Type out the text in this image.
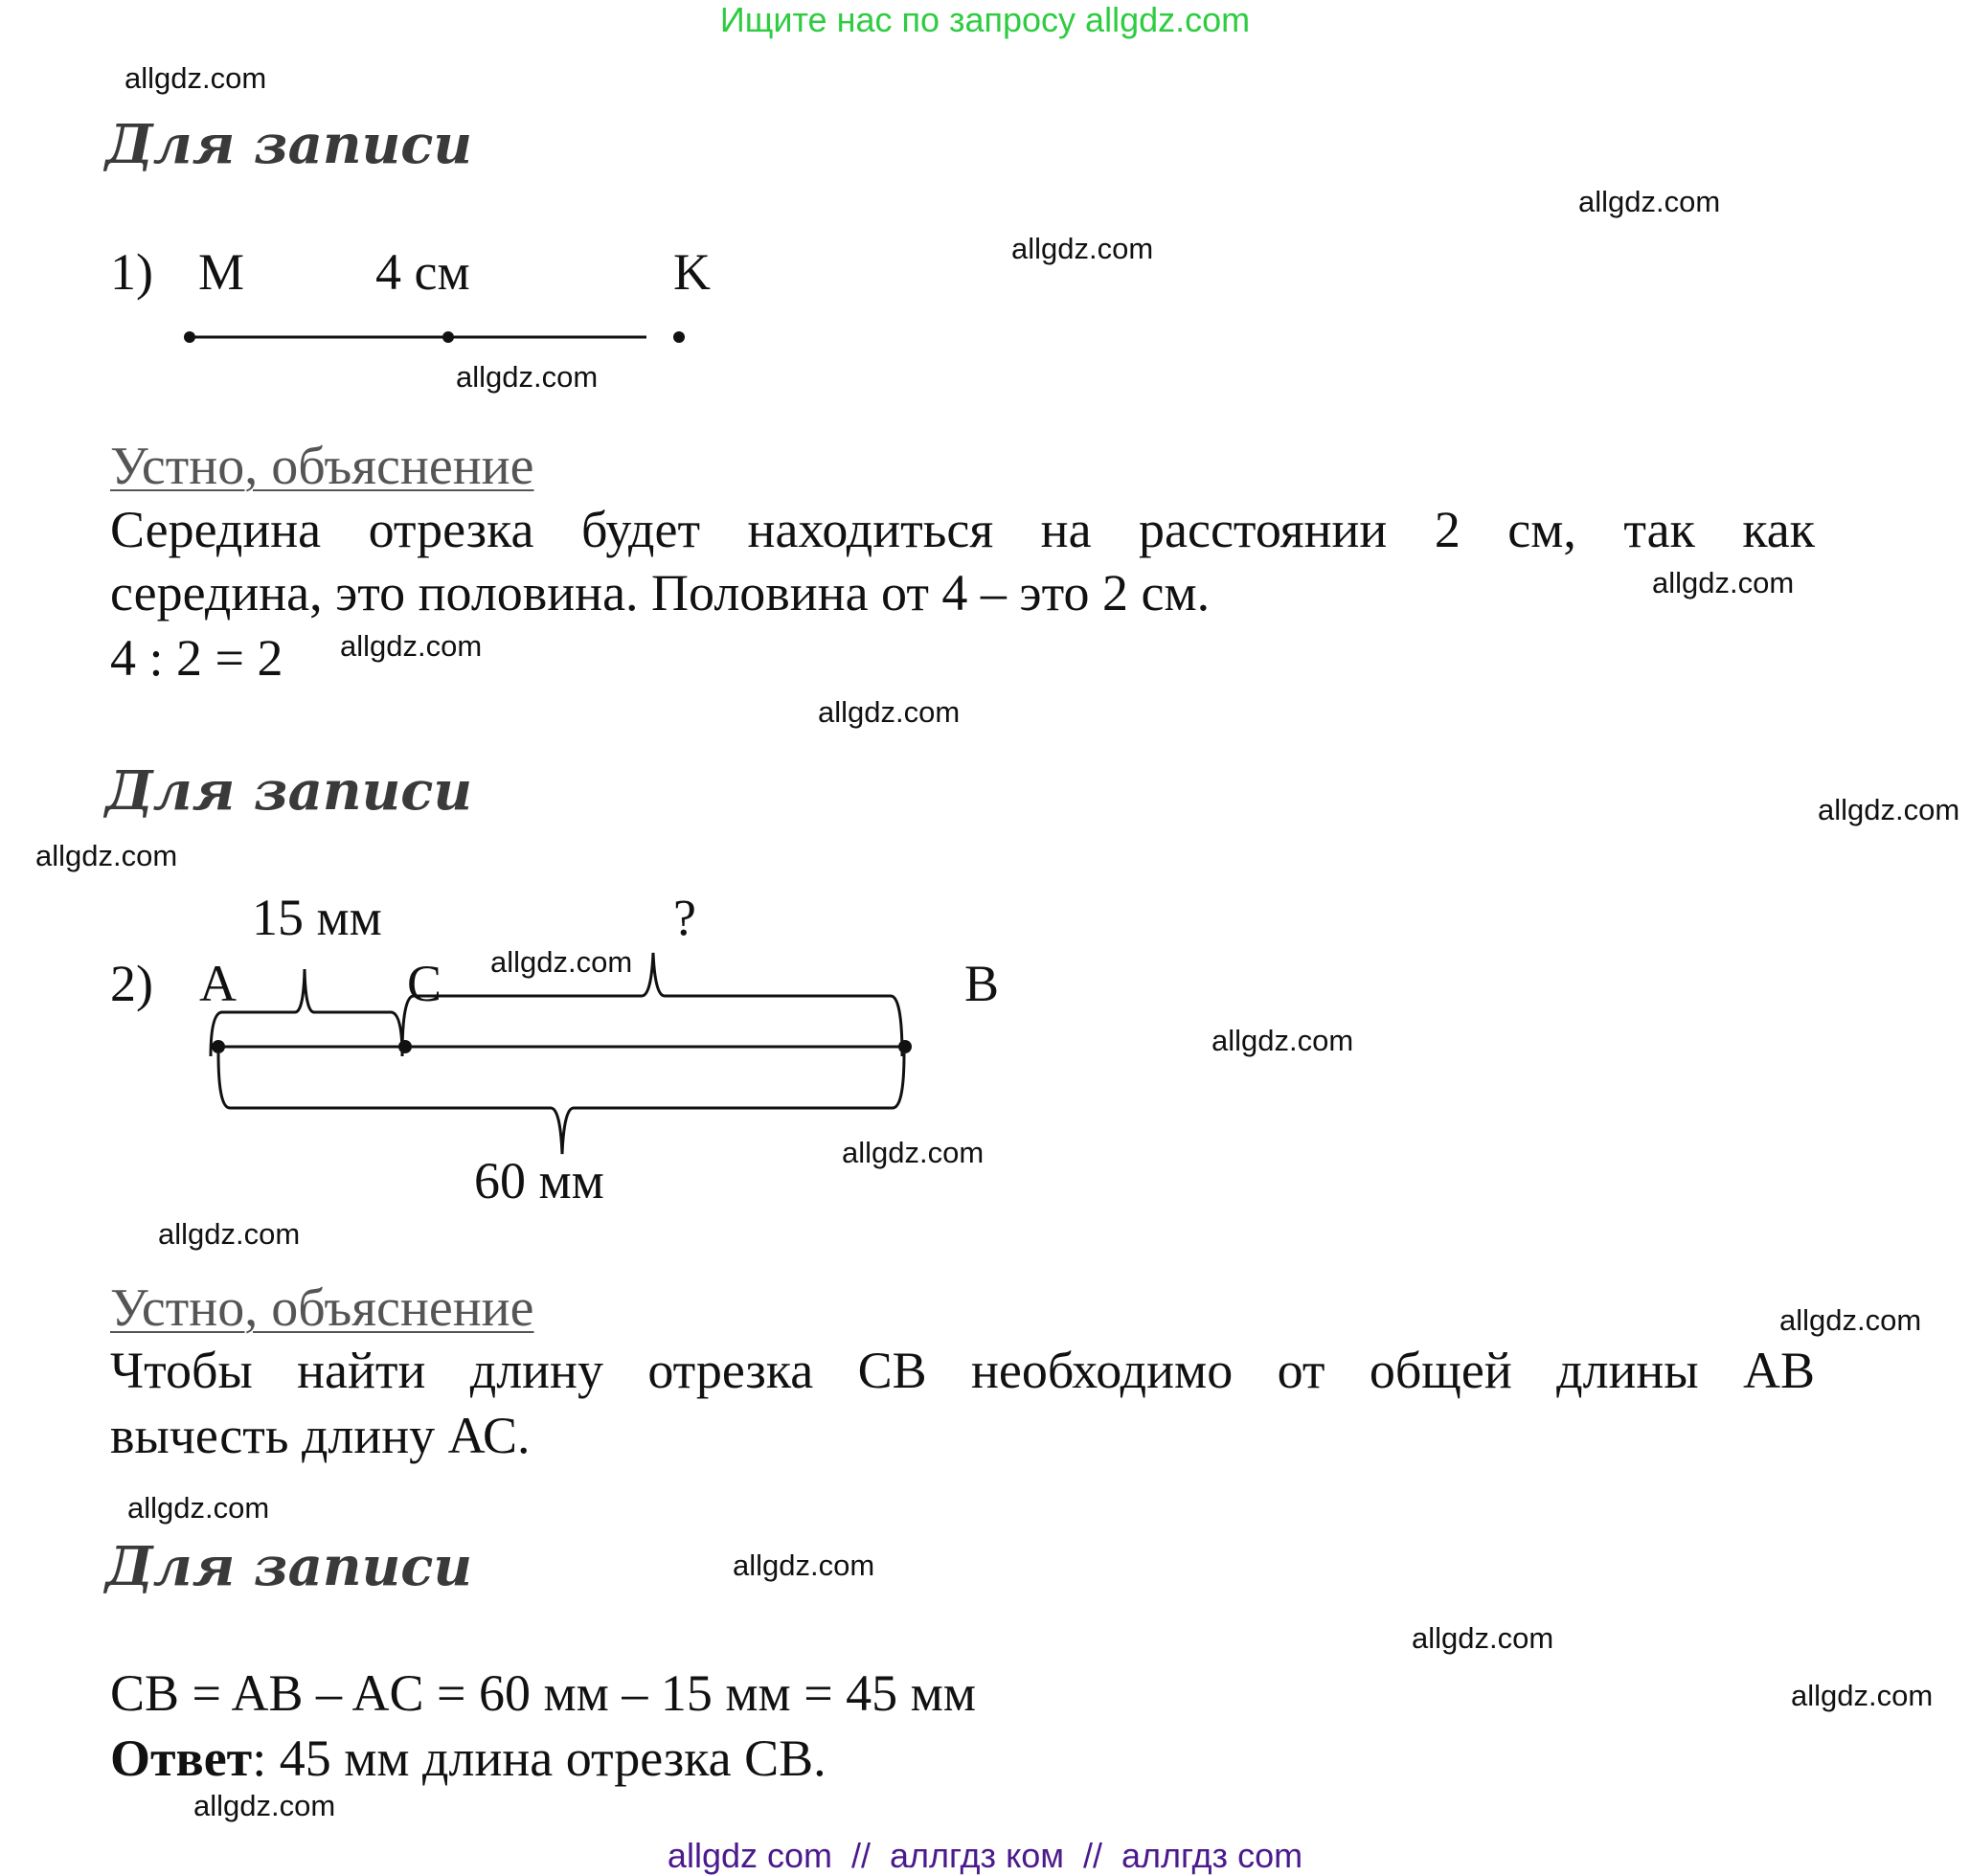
Ищите нас по запросу allgdz.com
allgdz.com
allgdz.com
allgdz.com
allgdz.com
allgdz.com
allgdz.com
allgdz.com
allgdz.com
allgdz.com
allgdz.com
allgdz.com
allgdz.com
allgdz.com
allgdz.com
allgdz.com
allgdz.com
allgdz.com
allgdz.com
allgdz.com
Для записи
1) M	4 см	K
Устно, объяснение
Середина отрезка будет находиться на расстоянии 2 см, так как
середина, это половина. Половина от 4 – это 2 см.
4 : 2 = 2
Для записи
15 мм	?
2) A	C	B
60 мм
Устно, объяснение
Чтобы найти длину отрезка СВ необходимо от общей длины АВ
вычесть длину АС.
Для записи
CB = AB – AC = 60 мм – 15 мм = 45 мм
Ответ: 45 мм длина отрезка СВ.
allgdz com  //  аллгдз ком  //  аллгдз com
